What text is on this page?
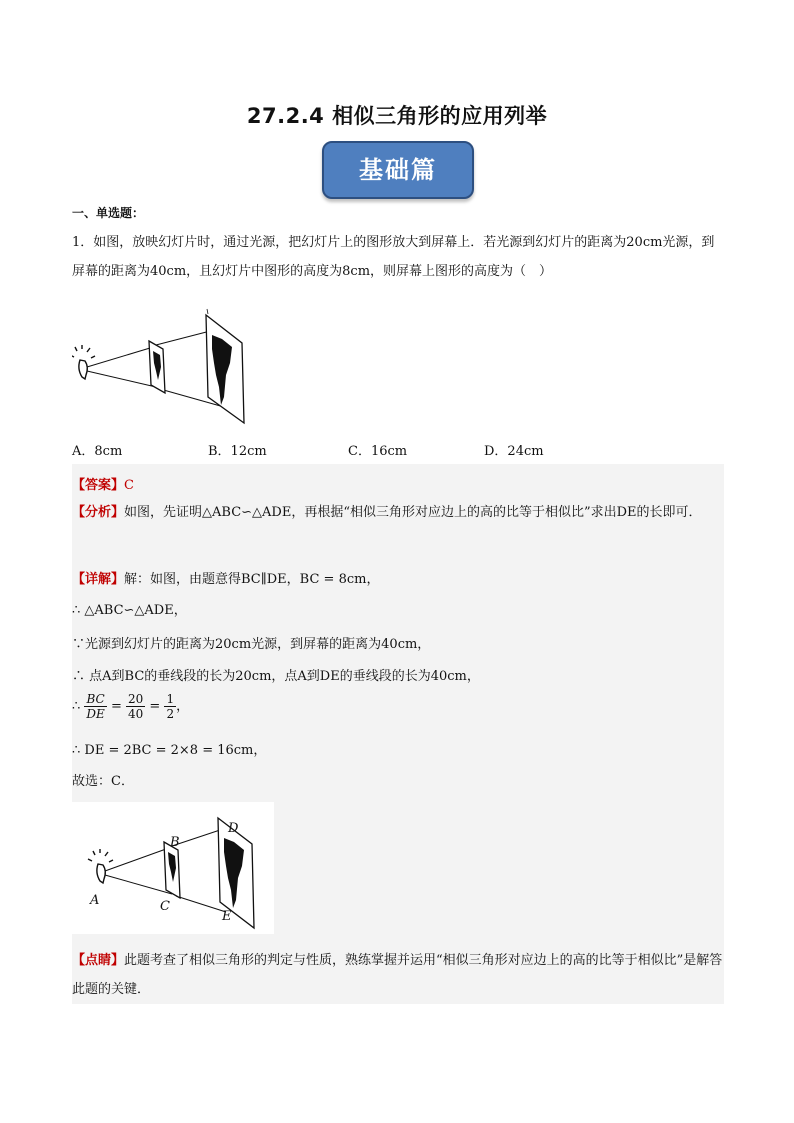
27.2.4 相似三角形的应用列举
基础篇
一、单选题：
1．如图，放映幻灯片时，通过光源，把幻灯片上的图形放大到屏幕上．若光源到幻灯片的距离为20cm光源，到屏幕的距离为40cm，且幻灯片中图形的高度为8cm，则屏幕上图形的高度为（　）
A．8cm	B．12cm	C．16cm	D．24cm
【答案】C
【分析】如图，先证明△ABC∽△ADE，再根据“相似三角形对应边上的高的比等于相似比”求出DE的长即可．
【详解】解：如图，由题意得BC∥DE，BC = 8cm，
∴ △ABC∽△ADE，
∵光源到幻灯片的距离为20cm光源，到屏幕的距离为40cm，
∴ 点A到BC的垂线段的长为20cm，点A到DE的垂线段的长为40cm，
∴ $\frac{BC}{DE} = \frac{20}{40} = \frac{1}{2}$ ，
∴ DE = 2BC = 2×8 = 16cm，
故选：C．
A
B
C
D
E
【点睛】此题考查了相似三角形的判定与性质，熟练掌握并运用“相似三角形对应边上的高的比等于相似比”是解答此题的关键．
